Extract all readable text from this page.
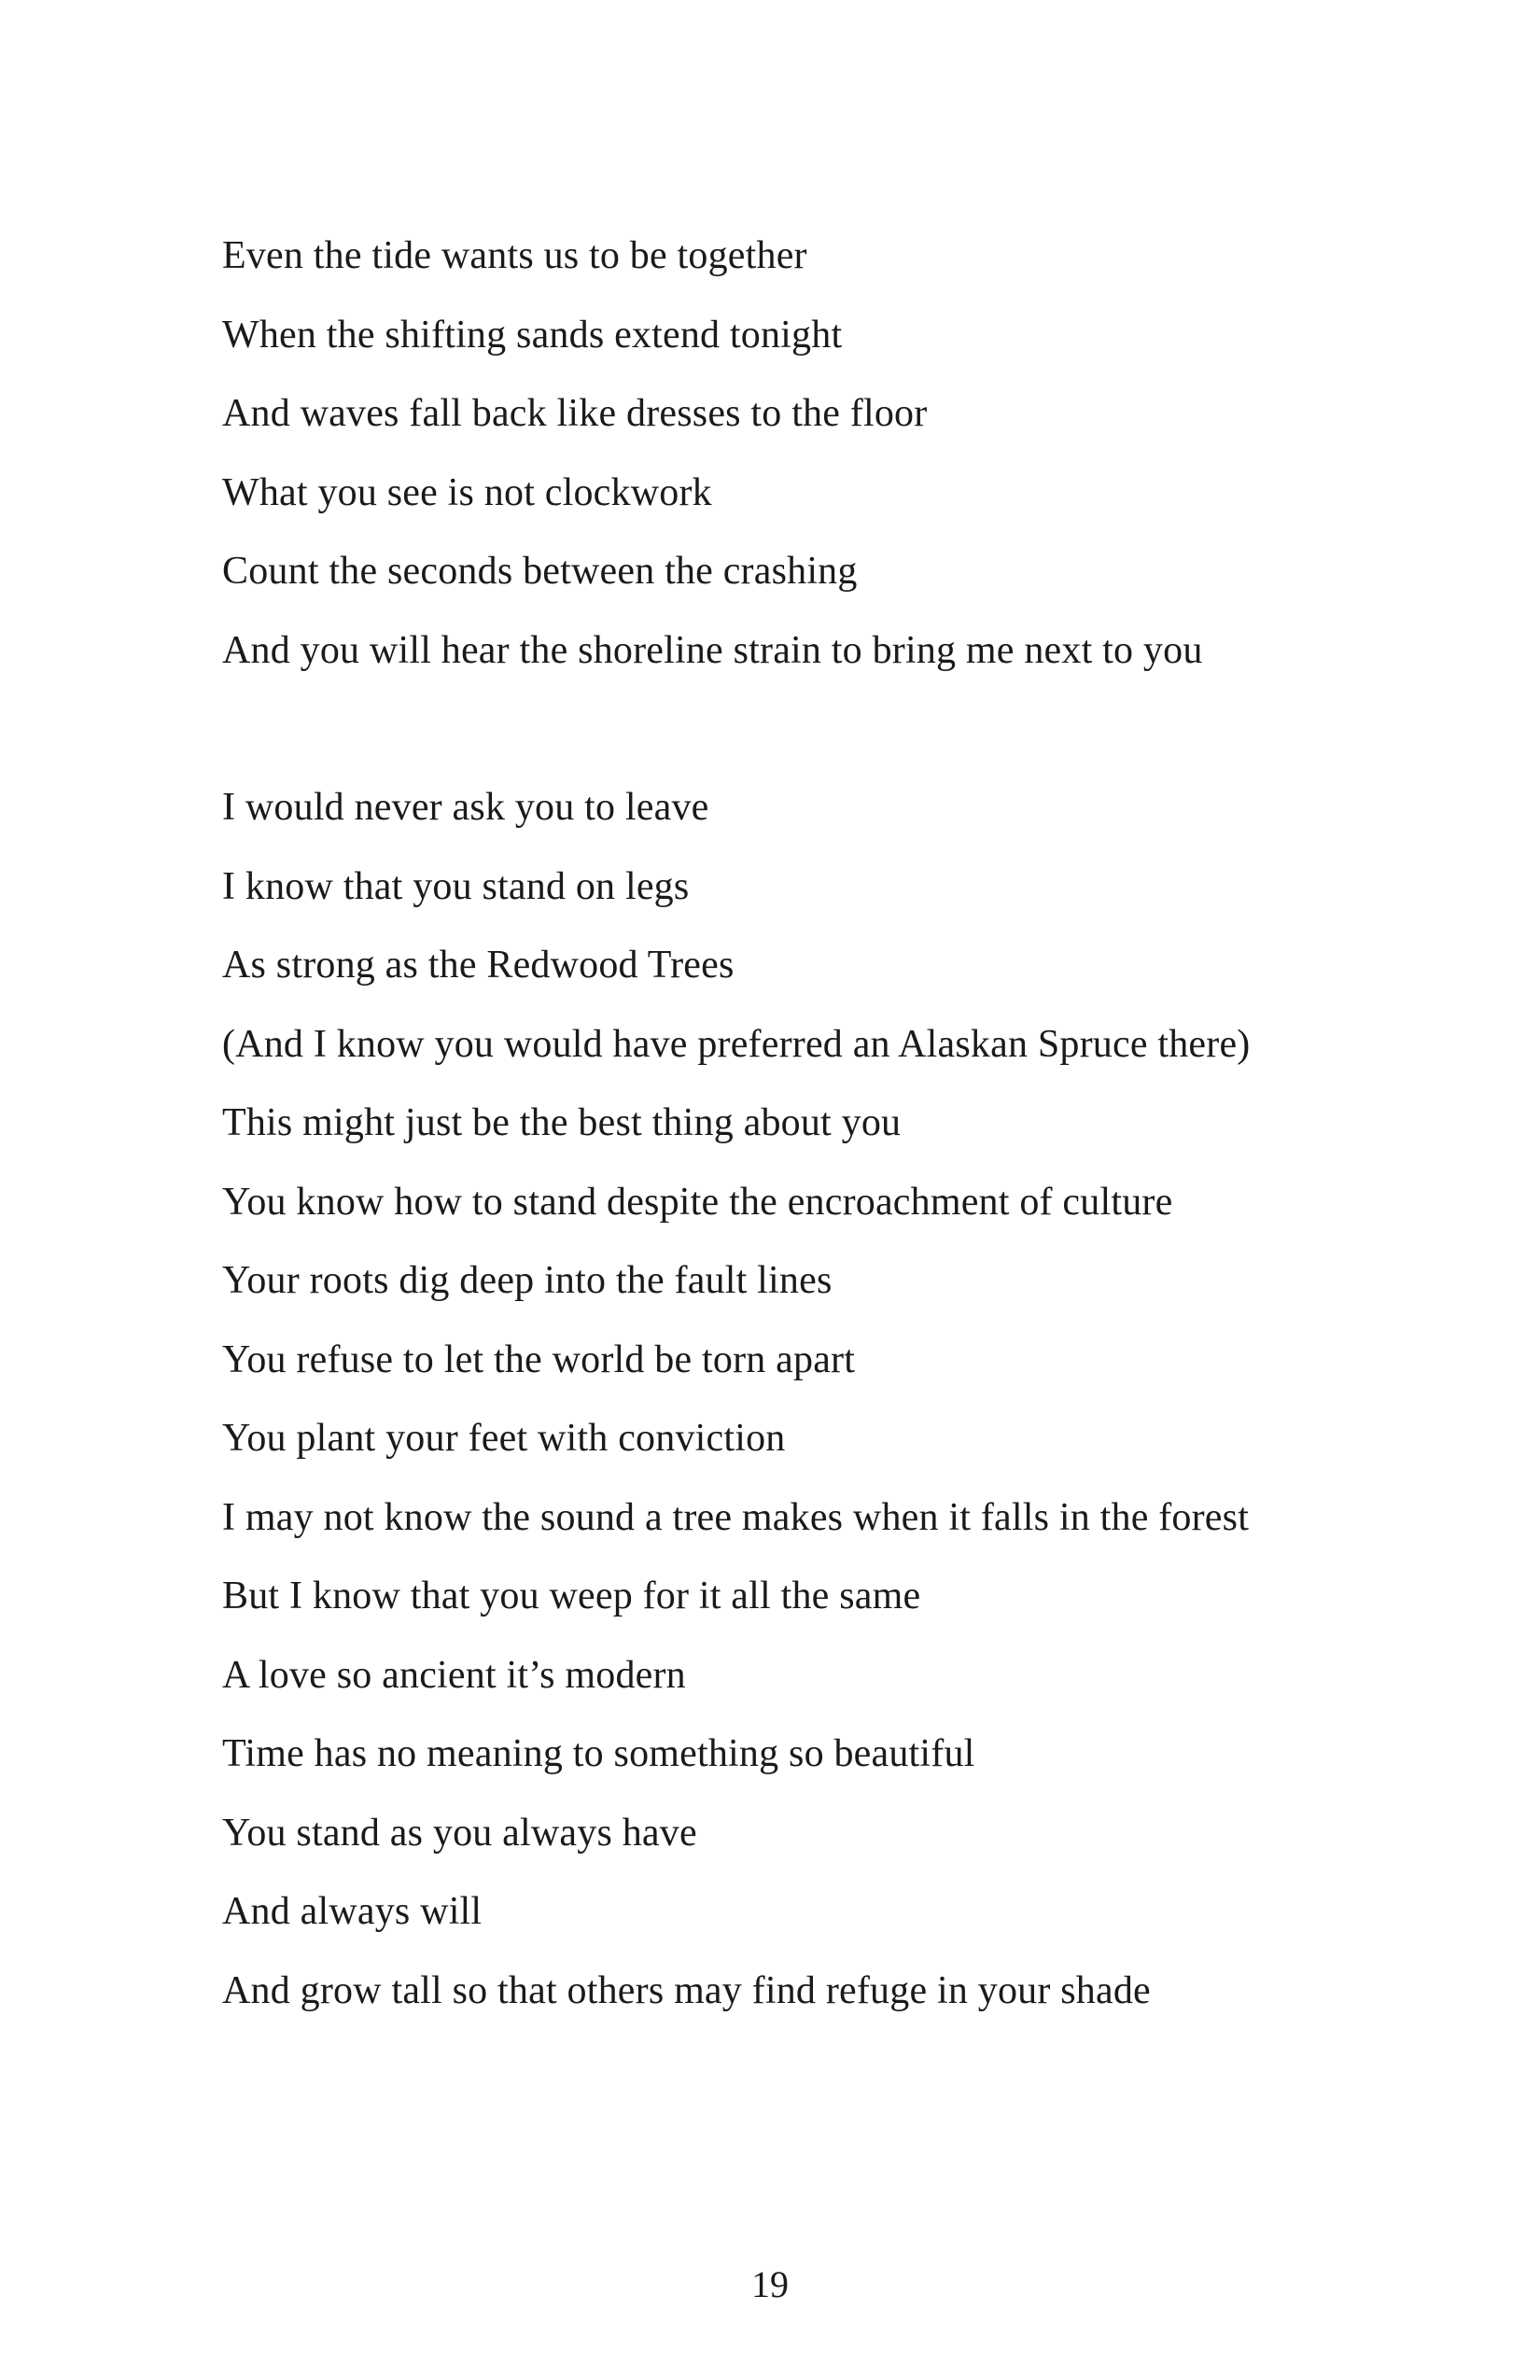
Even the tide wants us to be together
When the shifting sands extend tonight
And waves fall back like dresses to the floor
What you see is not clockwork
Count the seconds between the crashing
And you will hear the shoreline strain to bring me next to you
I would never ask you to leave
I know that you stand on legs
As strong as the Redwood Trees
(And I know you would have preferred an Alaskan Spruce there)
This might just be the best thing about you
You know how to stand despite the encroachment of culture
Your roots dig deep into the fault lines
You refuse to let the world be torn apart
You plant your feet with conviction
I may not know the sound a tree makes when it falls in the forest
But I know that you weep for it all the same
A love so ancient it’s modern
Time has no meaning to something so beautiful
You stand as you always have
And always will
And grow tall so that others may find refuge in your shade
19
